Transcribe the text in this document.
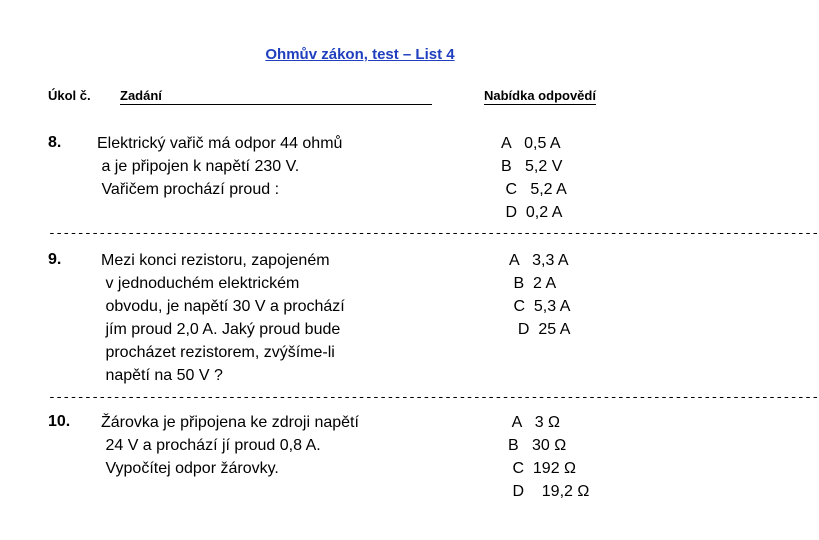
Ohmův zákon, test – List 4
Úkol č. Zadání	Nabídka odpovědí
8. Elektrický vařič má odpor 44 ohmů
a je připojen k napětí 230 V.
Vařičem prochází proud :
A   0,5 A
B   5,2 V
C   5,2 A
D  0,2 A
-----------------------------------------------------------------------------------------------------------
9. Mezi konci rezistoru, zapojeném
v jednoduchém elektrickém
obvodu, je napětí 30 V a prochází
jím proud 2,0 A. Jaký proud bude
procházet rezistorem, zvýšíme-li
napětí na 50 V ?
A   3,3 A
B  2 A
C  5,3 A
D  25 A
-----------------------------------------------------------------------------------------------------------
10. Žárovka je připojena ke zdroji napětí
24 V a prochází jí proud 0,8 A.
Vypočítej odpor žárovky.
A   3 Ω
B   30 Ω
C  192 Ω
D    19,2 Ω
